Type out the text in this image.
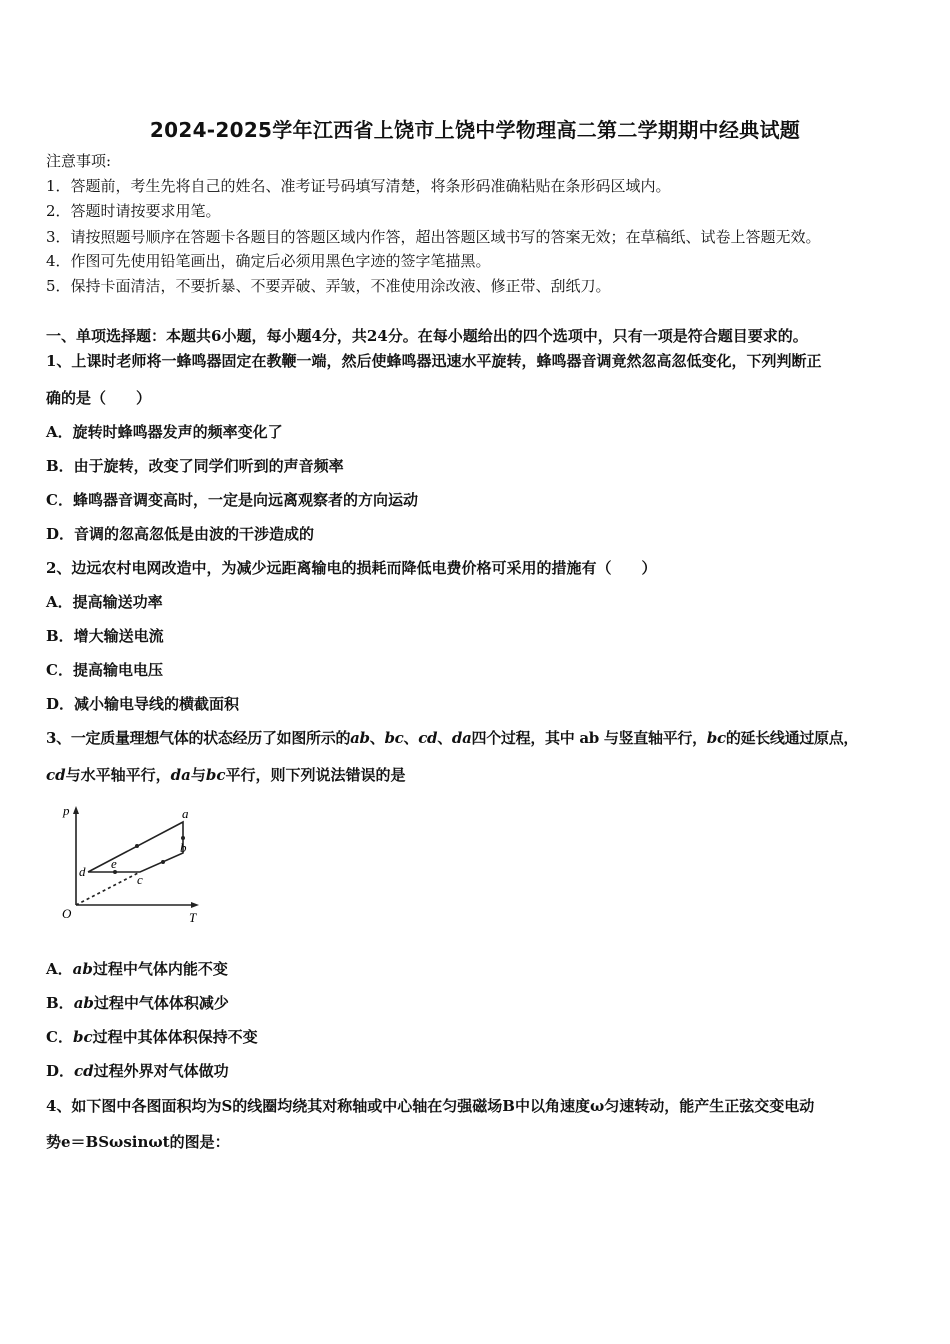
2024-2025学年江西省上饶市上饶中学物理高二第二学期期中经典试题
注意事项:
1．答题前，考生先将自己的姓名、准考证号码填写清楚，将条形码准确粘贴在条形码区域内。
2．答题时请按要求用笔。
3．请按照题号顺序在答题卡各题目的答题区域内作答，超出答题区域书写的答案无效；在草稿纸、试卷上答题无效。
4．作图可先使用铅笔画出，确定后必须用黑色字迹的签字笔描黑。
5．保持卡面清洁，不要折暴、不要弄破、弄皱，不准使用涂改液、修正带、刮纸刀。
一、单项选择题：本题共6小题，每小题4分，共24分。在每小题给出的四个选项中，只有一项是符合题目要求的。
1、上课时老师将一蜂鸣器固定在教鞭一端，然后使蜂鸣器迅速水平旋转，蜂鸣器音调竟然忽高忽低变化，下列判断正
确的是（　　）
A．旋转时蜂鸣器发声的频率变化了
B．由于旋转，改变了同学们听到的声音频率
C．蜂鸣器音调变高时，一定是向远离观察者的方向运动
D．音调的忽高忽低是由波的干涉造成的
2、边远农村电网改造中，为减少远距离输电的损耗而降低电费价格可采用的措施有（　　）
A．提高输送功率
B．增大输送电流
C．提高输电电压
D．减小输电导线的横截面积
3、一定质量理想气体的状态经历了如图所示的ab、bc、cd、da四个过程，其中 ab 与竖直轴平行，bc的延长线通过原点，
cd与水平轴平行，da与bc平行，则下列说法错误的是
p
T
O
a
b
c
d
e
A．ab过程中气体内能不变
B．ab过程中气体体积减少
C．bc过程中其体体积保持不变
D．cd过程外界对气体做功
4、如下图中各图面积均为S的线圈均绕其对称轴或中心轴在匀强磁场B中以角速度ω匀速转动，能产生正弦交变电动
势e＝BSωsinωt的图是：
